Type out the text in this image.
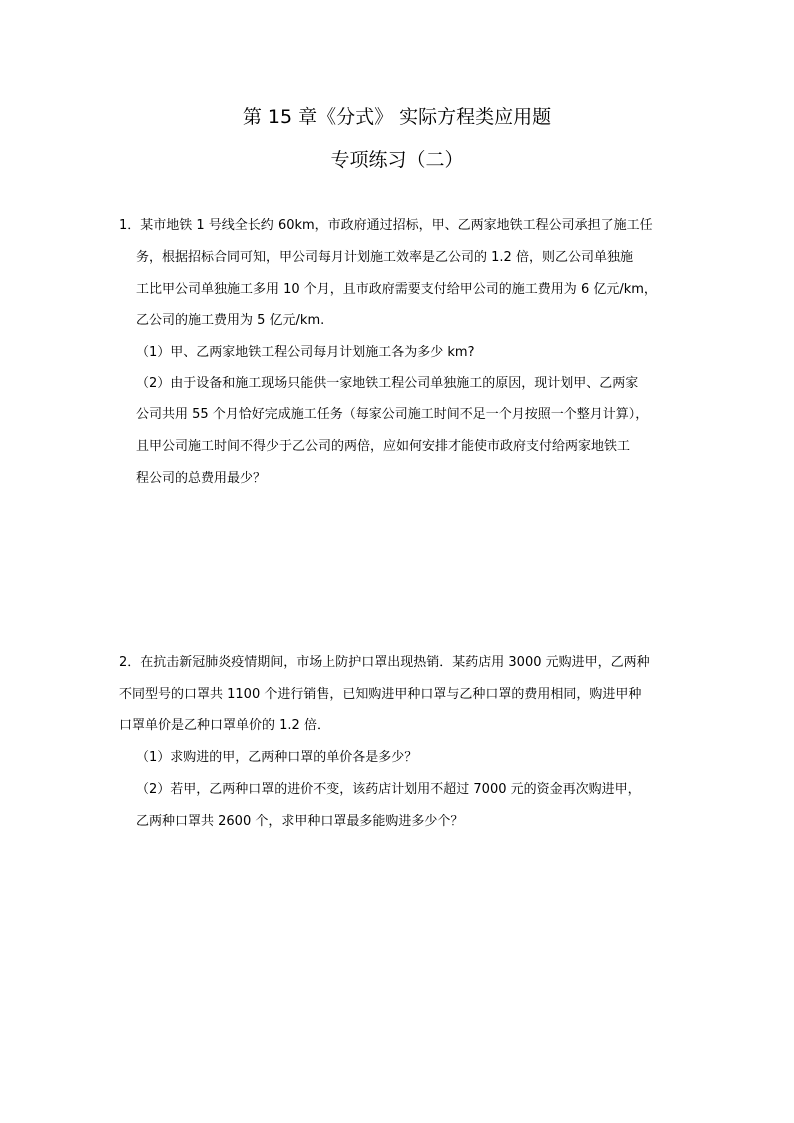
第 15 章《分式》 实际方程类应用题
专项练习（二）
1．某市地铁 1 号线全长约 60km，市政府通过招标，甲、乙两家地铁工程公司承担了施工任
务，根据招标合同可知，甲公司每月计划施工效率是乙公司的 1.2 倍，则乙公司单独施
工比甲公司单独施工多用 10 个月，且市政府需要支付给甲公司的施工费用为 6 亿元/km，
乙公司的施工费用为 5 亿元/km.
（1）甲、乙两家地铁工程公司每月计划施工各为多少 km?
（2）由于设备和施工现场只能供一家地铁工程公司单独施工的原因，现计划甲、乙两家
公司共用 55 个月恰好完成施工任务（每家公司施工时间不足一个月按照一个整月计算），
且甲公司施工时间不得少于乙公司的两倍，应如何安排才能使市政府支付给两家地铁工
程公司的总费用最少？
2．在抗击新冠肺炎疫情期间，市场上防护口罩出现热销．某药店用 3000 元购进甲，乙两种
不同型号的口罩共 1100 个进行销售，已知购进甲种口罩与乙种口罩的费用相同，购进甲种
口罩单价是乙种口罩单价的 1.2 倍．
（1）求购进的甲，乙两种口罩的单价各是多少？
（2）若甲，乙两种口罩的进价不变，该药店计划用不超过 7000 元的资金再次购进甲，
乙两种口罩共 2600 个，求甲种口罩最多能购进多少个？
